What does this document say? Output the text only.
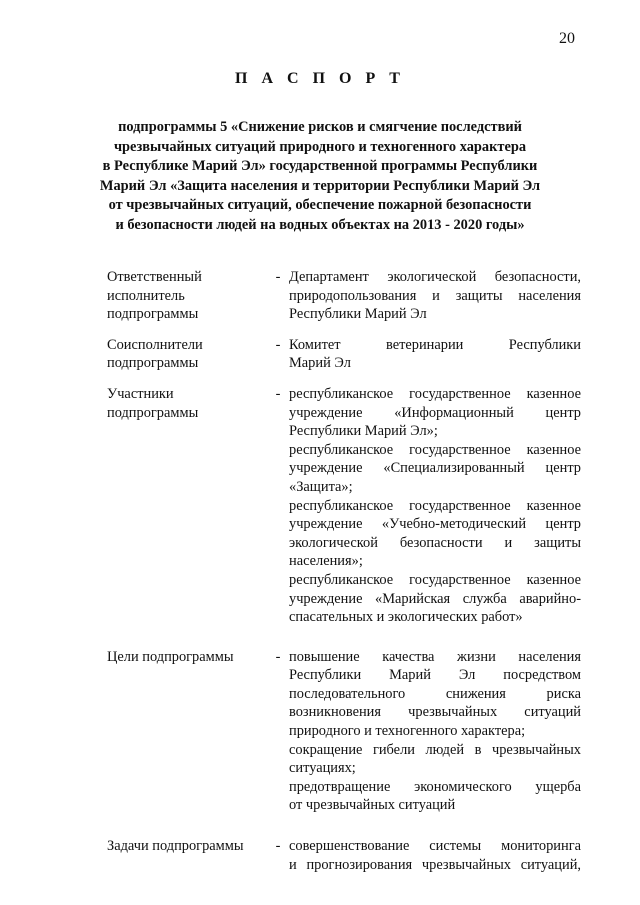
20
П А С П О Р Т
подпрограммы 5 «Снижение рисков и смягчение последствий
чрезвычайных ситуаций природного и техногенного характера
в Республике Марий Эл» государственной программы Республики
Марий Эл «Защита населения и территории Республики Марий Эл
от чрезвычайных ситуаций, обеспечение пожарной безопасности
и безопасности людей на водных объектах на 2013 - 2020 годы»
Ответственный
исполнитель
подпрограммы
- Департамент экологической безопасности,
природопользования и защиты населения
Республики Марий Эл
Соисполнители
подпрограммы
- Комитет ветеринарии Республики
Марий Эл
Участники
подпрограммы
- республиканское государственное казенное
учреждение «Информационный центр
Республики Марий Эл»;
республиканское государственное казенное
учреждение «Специализированный центр
«Защита»;
республиканское государственное казенное
учреждение «Учебно-методический центр
экологической безопасности и защиты
населения»;
республиканское государственное казенное
учреждение «Марийская служба аварийно-
спасательных и экологических работ»
Цели подпрограммы	- повышение качества жизни населения
Республики Марий Эл посредством
последовательного снижения риска
возникновения чрезвычайных ситуаций
природного и техногенного характера;
сокращение гибели людей в чрезвычайных
ситуациях;
предотвращение экономического ущерба
от чрезвычайных ситуаций
Задачи подпрограммы	- совершенствование системы мониторинга
и прогнозирования чрезвычайных ситуаций,
